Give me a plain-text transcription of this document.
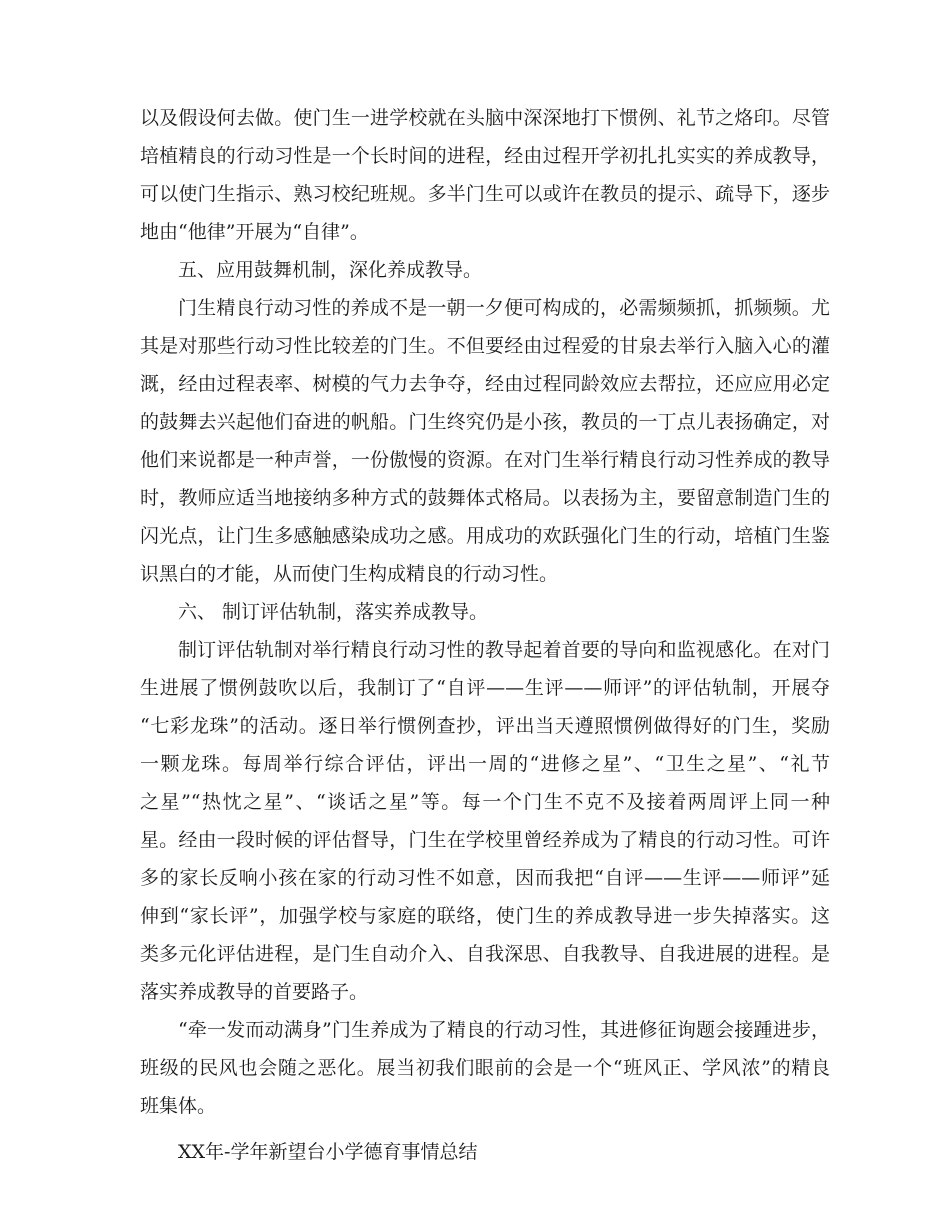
以及假设何去做。使门生一进学校就在头脑中深深地打下惯例、礼节之烙印。尽管
培植精良的行动习性是一个长时间的进程，经由过程开学初扎扎实实的养成教导，
可以使门生指示、熟习校纪班规。多半门生可以或许在教员的提示、疏导下，逐步
地由“他律”开展为“自律”。
五、应用鼓舞机制，深化养成教导。
门生精良行动习性的养成不是一朝一夕便可构成的，必需频频抓，抓频频。尤
其是对那些行动习性比较差的门生。不但要经由过程爱的甘泉去举行入脑入心的灌
溉，经由过程表率、树模的气力去争夺，经由过程同龄效应去帮拉，还应应用必定
的鼓舞去兴起他们奋进的帆船。门生终究仍是小孩，教员的一丁点儿表扬确定，对
他们来说都是一种声誉，一份傲慢的资源。在对门生举行精良行动习性养成的教导
时，教师应适当地接纳多种方式的鼓舞体式格局。以表扬为主，要留意制造门生的
闪光点，让门生多感触感染成功之感。用成功的欢跃强化门生的行动，培植门生鉴
识黑白的才能，从而使门生构成精良的行动习性。
六、 制订评估轨制，落实养成教导。
制订评估轨制对举行精良行动习性的教导起着首要的导向和监视感化。在对门
生进展了惯例鼓吹以后，我制订了“自评——生评——师评”的评估轨制，开展夺
“七彩龙珠”的活动。逐日举行惯例查抄，评出当天遵照惯例做得好的门生，奖励
一颗龙珠。每周举行综合评估，评出一周的“进修之星”、“卫生之星”、“礼节
之星”“热忱之星”、“谈话之星”等。每一个门生不克不及接着两周评上同一种
星。经由一段时候的评估督导，门生在学校里曾经养成为了精良的行动习性。可许
多的家长反响小孩在家的行动习性不如意，因而我把“自评——生评——师评”延
伸到“家长评”，加强学校与家庭的联络，使门生的养成教导进一步失掉落实。这
类多元化评估进程，是门生自动介入、自我深思、自我教导、自我进展的进程。是
落实养成教导的首要路子。
“牵一发而动满身”门生养成为了精良的行动习性，其进修征询题会接踵进步，
班级的民风也会随之恶化。展当初我们眼前的会是一个“班风正、学风浓”的精良
班集体。
XX年-学年新望台小学德育事情总结
